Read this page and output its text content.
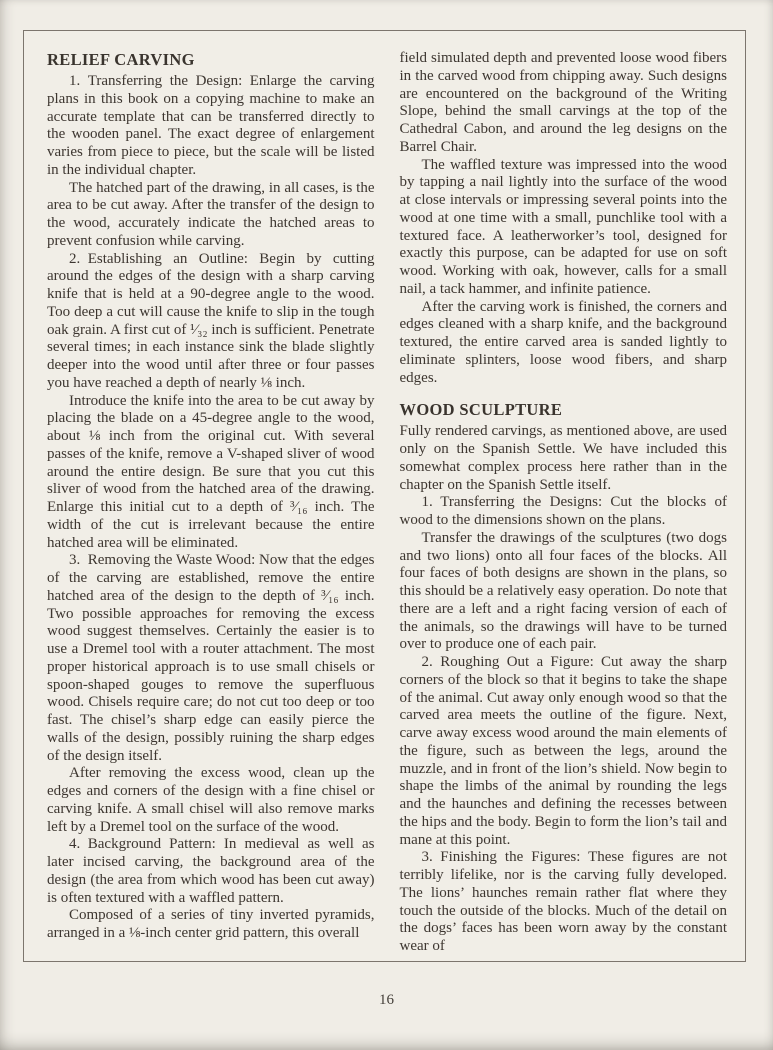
RELIEF CARVING

1. Transferring the Design: Enlarge the carving plans in this book on a copying machine to make an accurate template that can be transferred directly to the wooden panel. The exact degree of enlargement varies from piece to piece, but the scale will be listed in the individual chapter.

The hatched part of the drawing, in all cases, is the area to be cut away. After the transfer of the design to the wood, accurately indicate the hatched areas to prevent confusion while carving.

2. Establishing an Outline: Begin by cutting around the edges of the design with a sharp carving knife that is held at a 90-degree angle to the wood. Too deep a cut will cause the knife to slip in the tough oak grain. A first cut of ¹⁄₃₂ inch is sufficient. Penetrate several times; in each instance sink the blade slightly deeper into the wood until after three or four passes you have reached a depth of nearly ⅛ inch.

Introduce the knife into the area to be cut away by placing the blade on a 45-degree angle to the wood, about ⅛ inch from the original cut. With several passes of the knife, remove a V-shaped sliver of wood around the entire design. Be sure that you cut this sliver of wood from the hatched area of the drawing. Enlarge this initial cut to a depth of ³⁄₁₆ inch. The width of the cut is irrelevant because the entire hatched area will be eliminated.

3. Removing the Waste Wood: Now that the edges of the carving are established, remove the entire hatched area of the design to the depth of ³⁄₁₆ inch. Two possible approaches for removing the excess wood suggest themselves. Certainly the easier is to use a Dremel tool with a router attachment. The most proper historical approach is to use small chisels or spoon-shaped gouges to remove the superfluous wood. Chisels require care; do not cut too deep or too fast. The chisel’s sharp edge can easily pierce the walls of the design, possibly ruining the sharp edges of the design itself.

After removing the excess wood, clean up the edges and corners of the design with a fine chisel or carving knife. A small chisel will also remove marks left by a Dremel tool on the surface of the wood.

4. Background Pattern: In medieval as well as later incised carving, the background area of the design (the area from which wood has been cut away) is often textured with a waffled pattern.

Composed of a series of tiny inverted pyramids, arranged in a ⅛-inch center grid pattern, this overall

field simulated depth and prevented loose wood fibers in the carved wood from chipping away. Such designs are encountered on the background of the Writing Slope, behind the small carvings at the top of the Cathedral Cabon, and around the leg designs on the Barrel Chair.

The waffled texture was impressed into the wood by tapping a nail lightly into the surface of the wood at close intervals or impressing several points into the wood at one time with a small, punchlike tool with a textured face. A leatherworker’s tool, designed for exactly this purpose, can be adapted for use on soft wood. Working with oak, however, calls for a small nail, a tack hammer, and infinite patience.

After the carving work is finished, the corners and edges cleaned with a sharp knife, and the background textured, the entire carved area is sanded lightly to eliminate splinters, loose wood fibers, and sharp edges.

WOOD SCULPTURE

Fully rendered carvings, as mentioned above, are used only on the Spanish Settle. We have included this somewhat complex process here rather than in the chapter on the Spanish Settle itself.

1. Transferring the Designs: Cut the blocks of wood to the dimensions shown on the plans.

Transfer the drawings of the sculptures (two dogs and two lions) onto all four faces of the blocks. All four faces of both designs are shown in the plans, so this should be a relatively easy operation. Do note that there are a left and a right facing version of each of the animals, so the drawings will have to be turned over to produce one of each pair.

2. Roughing Out a Figure: Cut away the sharp corners of the block so that it begins to take the shape of the animal. Cut away only enough wood so that the carved area meets the outline of the figure. Next, carve away excess wood around the main elements of the figure, such as between the legs, around the muzzle, and in front of the lion’s shield. Now begin to shape the limbs of the animal by rounding the legs and the haunches and defining the recesses between the hips and the body. Begin to form the lion’s tail and mane at this point.

3. Finishing the Figures: These figures are not terribly lifelike, nor is the carving fully developed. The lions’ haunches remain rather flat where they touch the outside of the blocks. Much of the detail on the dogs’ faces has been worn away by the constant wear of

16
